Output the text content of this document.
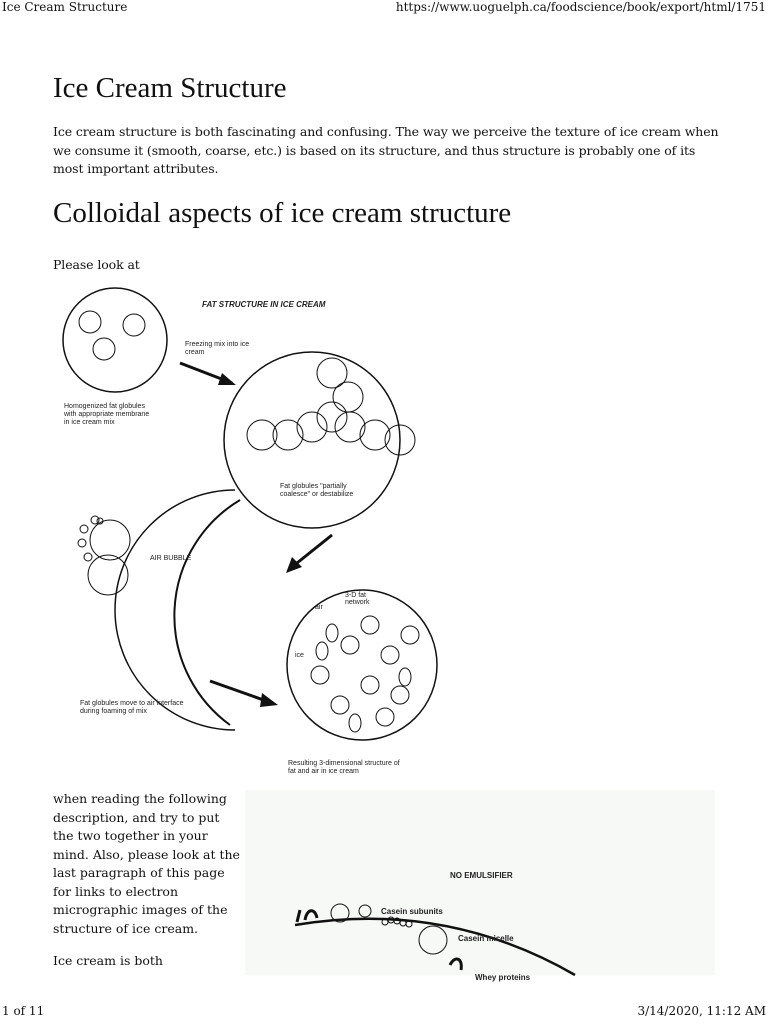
Ice Cream Structure	https://www.uoguelph.ca/foodscience/book/export/html/1751
Ice Cream Structure

Ice cream structure is both fascinating and confusing. The way we perceive the texture of ice cream when we consume it (smooth, coarse, etc.) is based on its structure, and thus structure is probably one of its most important attributes.

Colloidal aspects of ice cream structure

Please look at

FAT STRUCTURE IN ICE CREAM
Homogenized fat globules
with appropriate membrane
in ice cream mix
Freezing mix into ice
cream
Fat globules "partially
coalesce" or destabilize
AIR BUBBLE
Fat globules move to air interface
during foaming of mix
3-D fat
network
air
ice
Resulting 3-dimensional structure of
fat and air in ice cream

when reading the following description, and try to put the two together in your mind. Also, please look at the last paragraph of this page for links to electron micrographic images of the structure of ice cream.

Ice cream is both

NO EMULSIFIER
Casein subunits
Casein micelle
Whey proteins
1 of 11	3/14/2020, 11:12 AM
